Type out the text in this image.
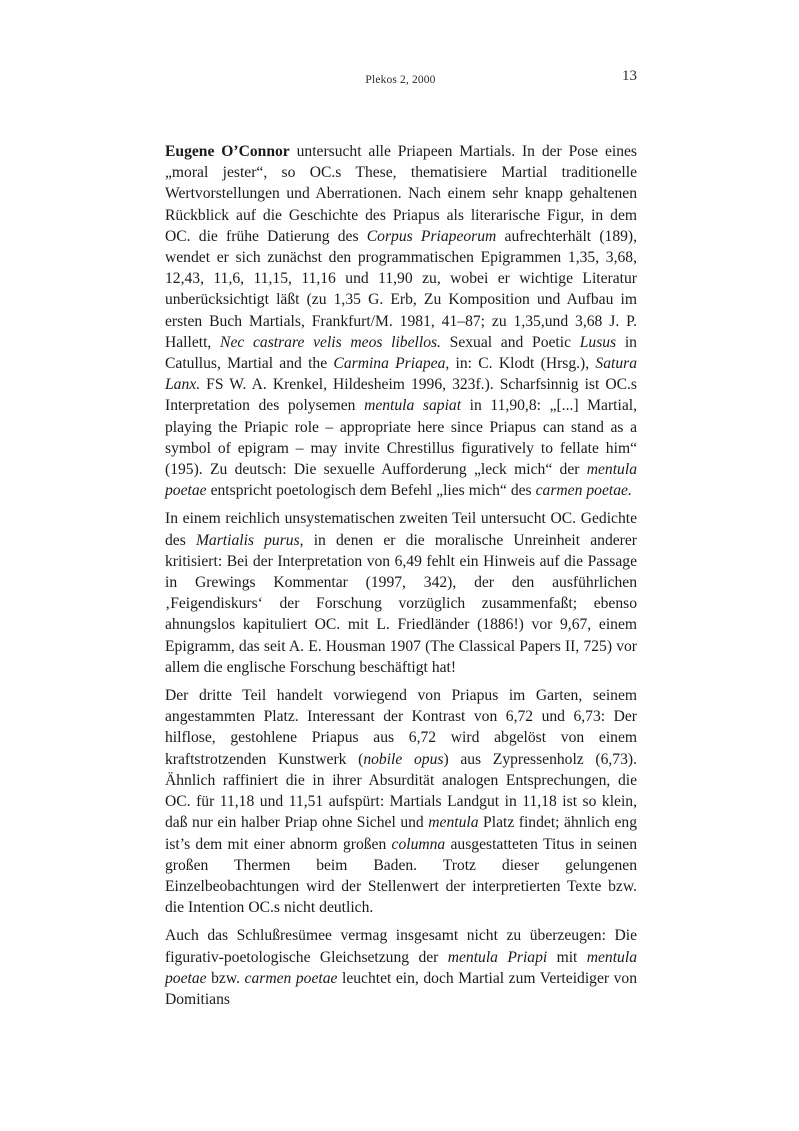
Plekos 2, 2000	13

Eugene O’Connor untersucht alle Priapeen Martials. In der Pose eines „moral jester“, so OC.s These, thematisiere Martial traditionelle Wertvorstellungen und Aberrationen. Nach einem sehr knapp gehaltenen Rückblick auf die Geschichte des Priapus als literarische Figur, in dem OC. die frühe Datierung des Corpus Priapeorum aufrechterhält (189), wendet er sich zunächst den programmatischen Epigrammen 1,35, 3,68, 12,43, 11,6, 11,15, 11,16 und 11,90 zu, wobei er wichtige Literatur unberücksichtigt läßt (zu 1,35 G. Erb, Zu Komposition und Aufbau im ersten Buch Martials, Frankfurt/M. 1981, 41–87; zu 1,35,und 3,68 J. P. Hallett, Nec castrare velis meos libellos. Sexual and Poetic Lusus in Catullus, Martial and the Carmina Priapea, in: C. Klodt (Hrsg.), Satura Lanx. FS W. A. Krenkel, Hildesheim 1996, 323f.). Scharfsinnig ist OC.s Interpretation des polysemen mentula sapiat in 11,90,8: „[...] Martial, playing the Priapic role – appropriate here since Priapus can stand as a symbol of epigram – may invite Chrestillus figuratively to fellate him“ (195). Zu deutsch: Die sexuelle Aufforderung „leck mich“ der mentula poetae entspricht poetologisch dem Befehl „lies mich“ des carmen poetae.

In einem reichlich unsystematischen zweiten Teil untersucht OC. Gedichte des Martialis purus, in denen er die moralische Unreinheit anderer kritisiert: Bei der Interpretation von 6,49 fehlt ein Hinweis auf die Passage in Grewings Kommentar (1997, 342), der den ausführlichen ‚Feigendiskurs‘ der Forschung vorzüglich zusammenfaßt; ebenso ahnungslos kapituliert OC. mit L. Friedländer (1886!) vor 9,67, einem Epigramm, das seit A. E. Housman 1907 (The Classical Papers II, 725) vor allem die englische Forschung beschäftigt hat!

Der dritte Teil handelt vorwiegend von Priapus im Garten, seinem angestammten Platz. Interessant der Kontrast von 6,72 und 6,73: Der hilflose, gestohlene Priapus aus 6,72 wird abgelöst von einem kraftstrotzenden Kunstwerk (nobile opus) aus Zypressenholz (6,73). Ähnlich raffiniert die in ihrer Absurdität analogen Entsprechungen, die OC. für 11,18 und 11,51 aufspürt: Martials Landgut in 11,18 ist so klein, daß nur ein halber Priap ohne Sichel und mentula Platz findet; ähnlich eng ist’s dem mit einer abnorm großen columna ausgestatteten Titus in seinen großen Thermen beim Baden. Trotz dieser gelungenen Einzelbeobachtungen wird der Stellenwert der interpretierten Texte bzw. die Intention OC.s nicht deutlich.

Auch das Schlußresümee vermag insgesamt nicht zu überzeugen: Die figurativ-poetologische Gleichsetzung der mentula Priapi mit mentula poetae bzw. carmen poetae leuchtet ein, doch Martial zum Verteidiger von Domitians
